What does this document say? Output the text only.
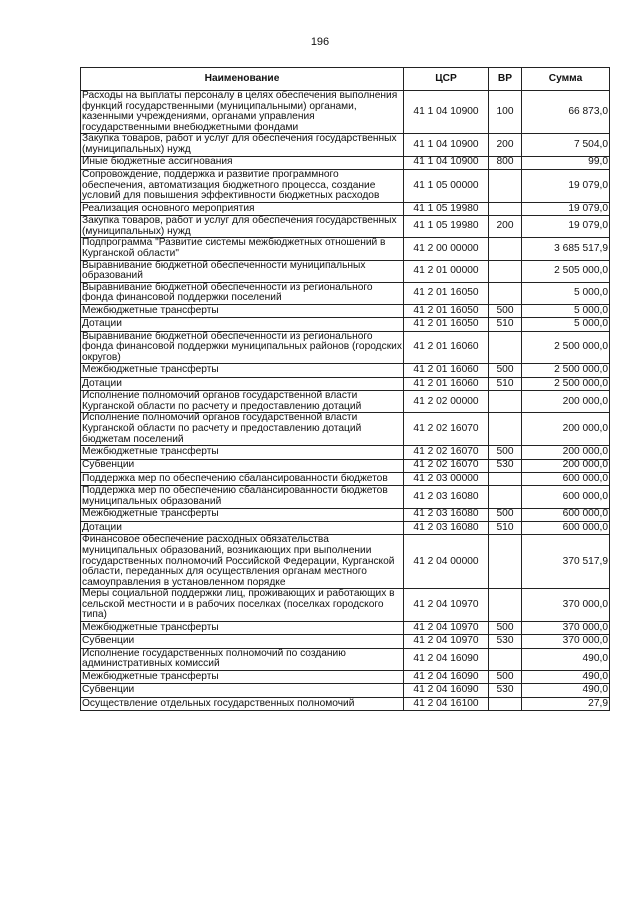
196
Наименование	ЦСР	ВР	Сумма
Расходы на выплаты персоналу в целях обеспечения выполнения функций государственными (муниципальными) органами, казенными учреждениями, органами управления государственными внебюджетными фондами	41 1 04 10900	100	66 873,0
Закупка товаров, работ и услуг для обеспечения государственных (муниципальных) нужд	41 1 04 10900	200	7 504,0
Иные бюджетные ассигнования	41 1 04 10900	800	99,0
Сопровождение, поддержка и развитие программного обеспечения, автоматизация бюджетного процесса, создание условий для повышения эффективности бюджетных расходов	41 1 05 00000		19 079,0
Реализация основного мероприятия	41 1 05 19980		19 079,0
Закупка товаров, работ и услуг для обеспечения государственных (муниципальных) нужд	41 1 05 19980	200	19 079,0
Подпрограмма "Развитие системы межбюджетных отношений в Курганской области"	41 2 00 00000		3 685 517,9
Выравнивание бюджетной обеспеченности муниципальных образований	41 2 01 00000		2 505 000,0
Выравнивание бюджетной обеспеченности из регионального фонда финансовой поддержки поселений	41 2 01 16050		5 000,0
Межбюджетные трансферты	41 2 01 16050	500	5 000,0
Дотации	41 2 01 16050	510	5 000,0
Выравнивание бюджетной обеспеченности из регионального фонда финансовой поддержки муниципальных районов (городских округов)	41 2 01 16060		2 500 000,0
Межбюджетные трансферты	41 2 01 16060	500	2 500 000,0
Дотации	41 2 01 16060	510	2 500 000,0
Исполнение полномочий органов государственной власти Курганской области по расчету и предоставлению дотаций	41 2 02 00000		200 000,0
Исполнение полномочий органов государственной власти Курганской области по расчету и предоставлению дотаций бюджетам поселений	41 2 02 16070		200 000,0
Межбюджетные трансферты	41 2 02 16070	500	200 000,0
Субвенции	41 2 02 16070	530	200 000,0
Поддержка мер по обеспечению сбалансированности бюджетов	41 2 03 00000		600 000,0
Поддержка мер по обеспечению сбалансированности бюджетов муниципальных образований	41 2 03 16080		600 000,0
Межбюджетные трансферты	41 2 03 16080	500	600 000,0
Дотации	41 2 03 16080	510	600 000,0
Финансовое обеспечение расходных обязательства муниципальных образований, возникающих при выполнении государственных полномочий Российской Федерации, Курганской области, переданных для осуществления органам местного самоуправления в установленном порядке	41 2 04 00000		370 517,9
Меры социальной поддержки лиц, проживающих и работающих в сельской местности и в рабочих поселках (поселках городского типа)	41 2 04 10970		370 000,0
Межбюджетные трансферты	41 2 04 10970	500	370 000,0
Субвенции	41 2 04 10970	530	370 000,0
Исполнение государственных полномочий по созданию административных комиссий	41 2 04 16090		490,0
Межбюджетные трансферты	41 2 04 16090	500	490,0
Субвенции	41 2 04 16090	530	490,0
Осуществление отдельных государственных полномочий	41 2 04 16100		27,9
